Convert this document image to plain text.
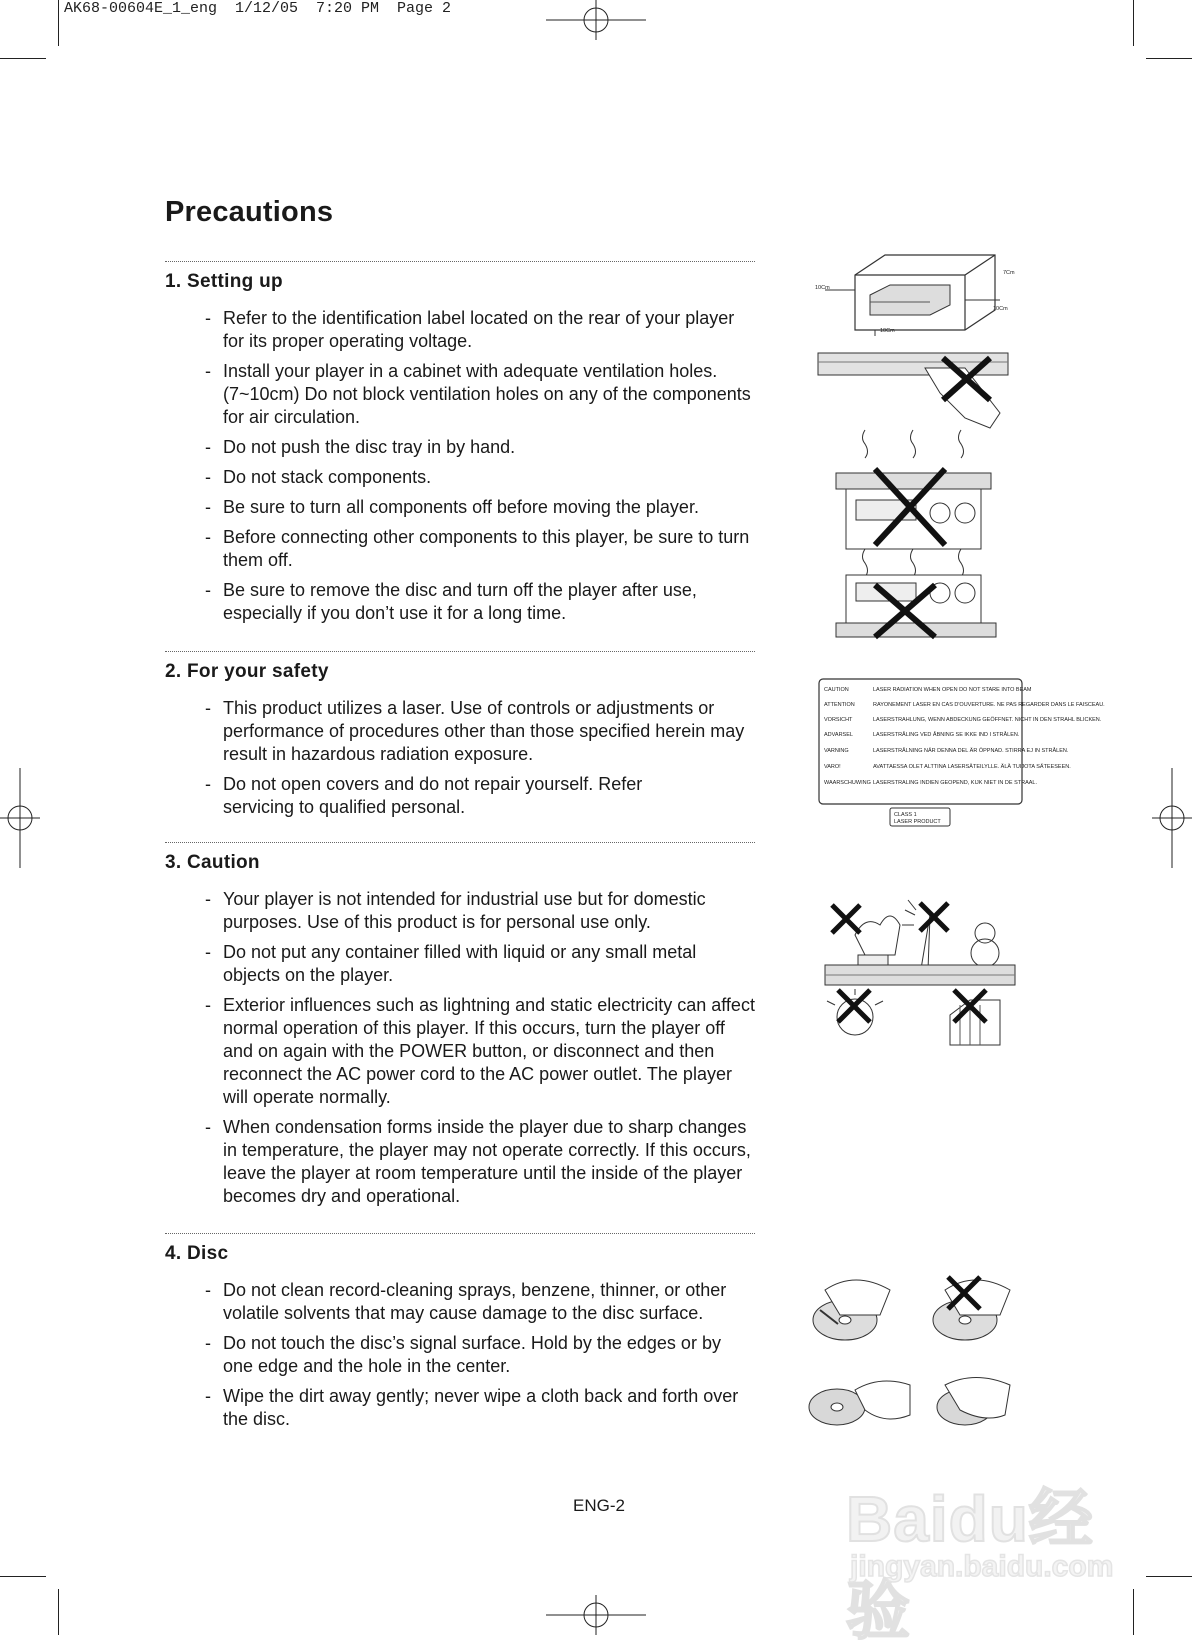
AK68-00604E_1_eng  1/12/05  7:20 PM  Page 2
Precautions
1. Setting up
- Refer to the identification label located on the rear of your player for its proper operating voltage.
- Install your player in a cabinet with adequate ventilation holes. (7~10cm) Do not block ventilation holes on any of the components for air circulation.
- Do not push the disc tray in by hand.
- Do not stack components.
- Be sure to turn all components off before moving the player.
- Before connecting other components to this player, be sure to turn them off.
- Be sure to remove the disc and turn off the player after use, especially if you don’t use it for a long time.
2. For your safety
- This product utilizes a laser. Use of controls or adjustments or performance of procedures other than those specified herein may result in hazardous radiation exposure.
- Do not open covers and do not repair yourself. Refer servicing to qualified personal.
3. Caution
- Your player is not intended for industrial use but for domestic purposes. Use of this product is for personal use only.
- Do not put any container filled with liquid or any small metal objects on the player.
- Exterior influences such as lightning and static electricity can affect normal operation of this player. If this occurs, turn the player off and on again with the POWER button, or disconnect and then reconnect the AC power cord to the AC power outlet. The player will operate normally.
- When condensation forms inside the player due to sharp changes in temperature, the player may not operate correctly. If this occurs, leave the player at room temperature until the inside of the player becomes dry and operational.
4. Disc
- Do not clean record-cleaning sprays, benzene, thinner, or other volatile solvents that may cause damage to the disc surface.
- Do not touch the disc’s signal surface. Hold by the edges or by one edge and the hole in the center.
- Wipe the dirt away gently; never wipe a cloth back and forth over the disc.
10Cm
7Cm
10Cm
10Cm
CAUTION	LASER RADIATION WHEN OPEN DO NOT STARE INTO BEAM
ATTENTION	RAYONEMENT LASER EN CAS D'OUVERTURE. NE PAS REGARDER DANS LE FAISCEAU.
VORSICHT	LASERSTRAHLUNG, WENN ABDECKUNG GEÖFFNET. NICHT IN DEN STRAHL BLICKEN.
ADVARSEL	LASERSTRÅLING VED ÅBNING SE IKKE IND I STRÅLEN.
VARNING	LASERSTRÅLNING NÄR DENNA DEL ÄR ÖPPNAD. STIRRA EJ IN STRÅLEN.
VARO!	AVATTAESSA OLET ALTTINA LASERSÄTEILYLLE. ÄLÄ TUIJOTA SÄTEESEEN.
WAARSCHUWING LASERSTRALING INDIEN GEOPEND, KIJK NIET IN DE STRAAL.
CLASS 1
LASER PRODUCT
ENG-2	Baidu经验
jingyan.baidu.com
